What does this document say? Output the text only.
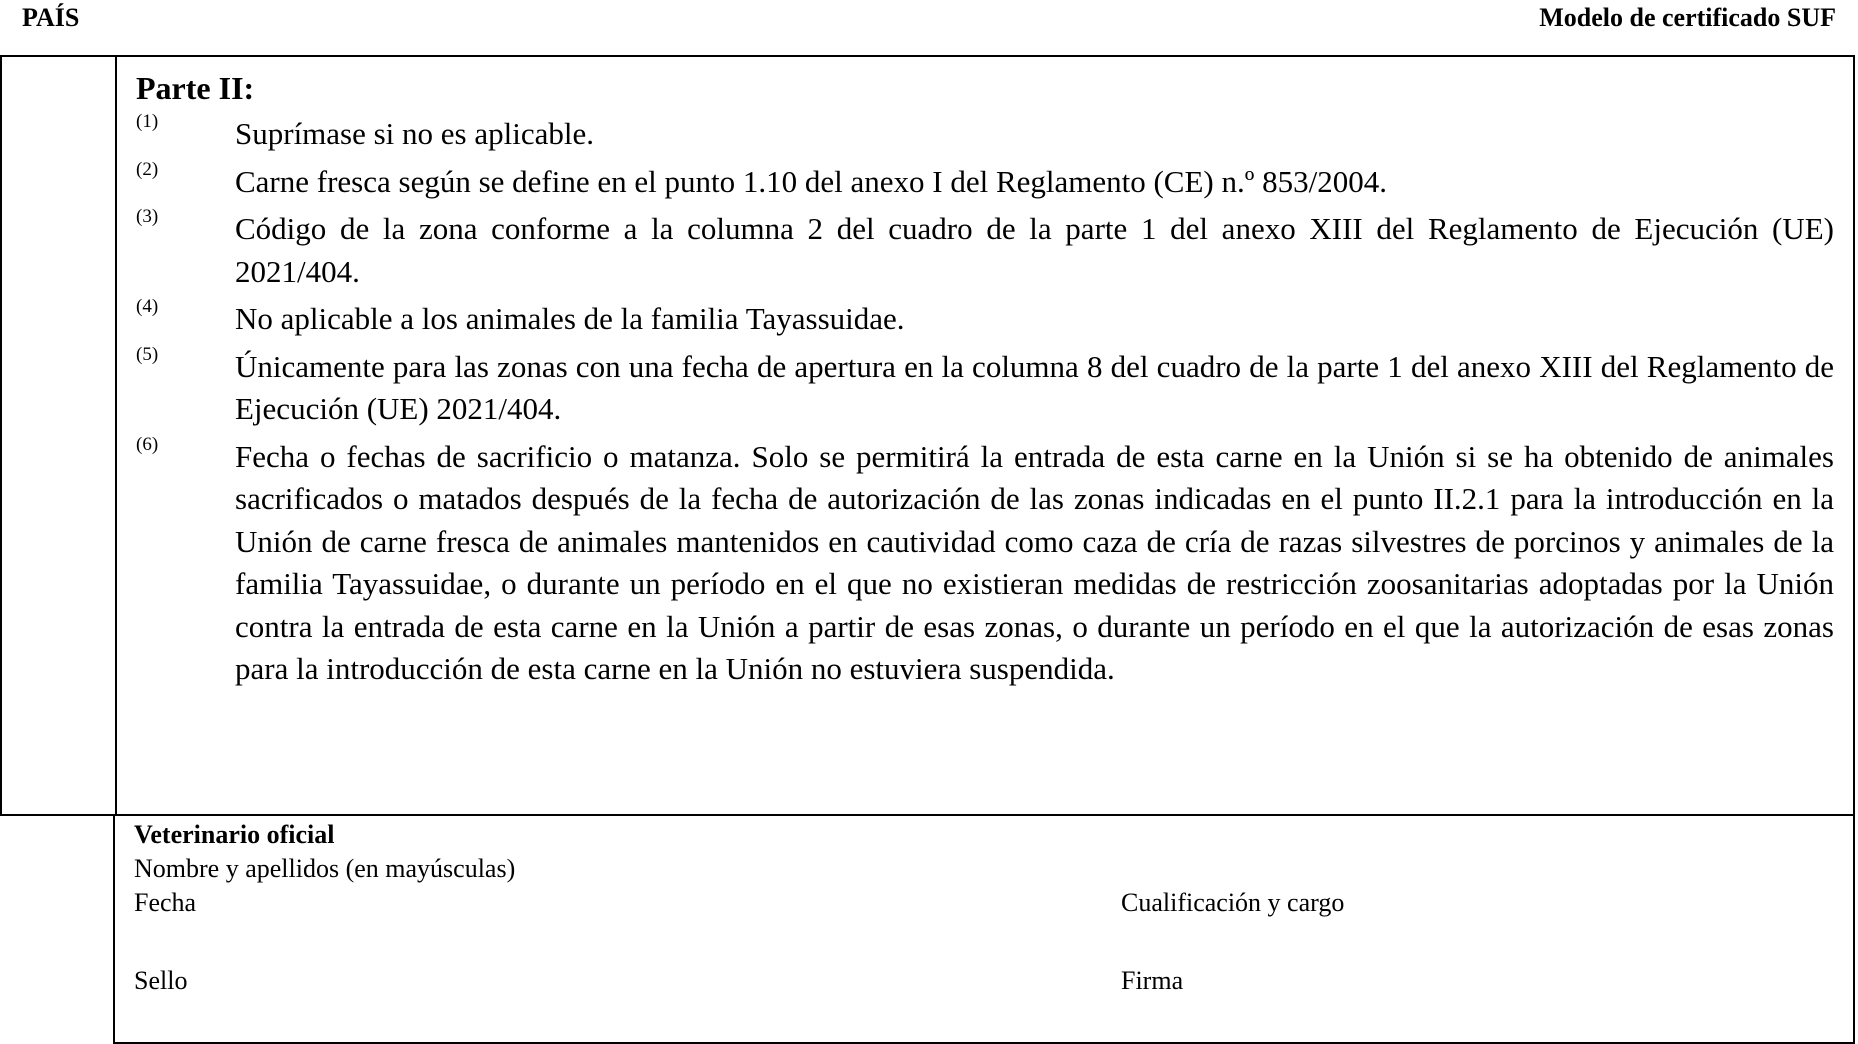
PAÍS	Modelo de certificado SUF
Parte II:
(1) Suprímase si no es aplicable.
(2) Carne fresca según se define en el punto 1.10 del anexo I del Reglamento (CE) n.º 853/2004.
(3) Código de la zona conforme a la columna 2 del cuadro de la parte 1 del anexo XIII del Reglamento de Ejecución (UE) 2021/404.
(4) No aplicable a los animales de la familia Tayassuidae.
(5) Únicamente para las zonas con una fecha de apertura en la columna 8 del cuadro de la parte 1 del anexo XIII del Reglamento de Ejecución (UE) 2021/404.
(6) Fecha o fechas de sacrificio o matanza. Solo se permitirá la entrada de esta carne en la Unión si se ha obtenido de animales sacrificados o matados después de la fecha de autorización de las zonas indicadas en el punto II.2.1 para la introducción en la Unión de carne fresca de animales mantenidos en cautividad como caza de cría de razas silvestres de porcinos y animales de la familia Tayassuidae, o durante un período en el que no existieran medidas de restricción zoosanitarias adoptadas por la Unión contra la entrada de esta carne en la Unión a partir de esas zonas, o durante un período en el que la autorización de esas zonas para la introducción de esta carne en la Unión no estuviera suspendida.
Veterinario oficial
Nombre y apellidos (en mayúsculas)
Fecha	Cualificación y cargo
Sello	Firma
